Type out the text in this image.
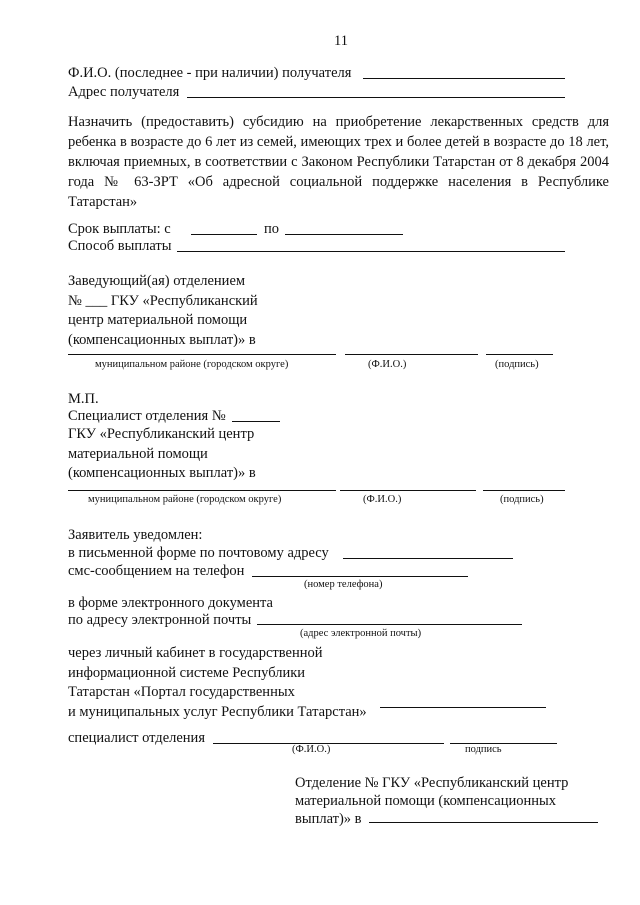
11
Ф.И.О. (последнее - при наличии) получателя
Адрес получателя
Назначить (предоставить) субсидию на приобретение лекарственных средств для ребенка в возрасте до 6 лет из семей, имеющих трех и более детей в возрасте до 18 лет, включая приемных, в соответствии с Законом Республики Татарстан от 8 декабря 2004 года № 63-ЗРТ «Об адресной социальной поддержке населения в Республике Татарстан»
Срок выплаты: с	по
Способ выплаты
Заведующий(ая) отделением
№ ___ ГКУ «Республиканский
центр материальной помощи
(компенсационных выплат)» в
муниципальном районе (городском округе)	(Ф.И.О.)	(подпись)
М.П.
Специалист отделения №
ГКУ «Республиканский центр
материальной помощи
(компенсационных выплат)» в
муниципальном районе (городском округе)	(Ф.И.О.)	(подпись)
Заявитель уведомлен:
в письменной форме по почтовому адресу
смс-сообщением на телефон
(номер телефона)
в форме электронного документа
по адресу электронной почты
(адрес электронной почты)
через личный кабинет в государственной
информационной системе Республики
Татарстан «Портал государственных
и муниципальных услуг Республики Татарстан»
специалист отделения
(Ф.И.О.)	подпись
Отделение № ГКУ «Республиканский центр
материальной помощи (компенсационных
выплат)» в
